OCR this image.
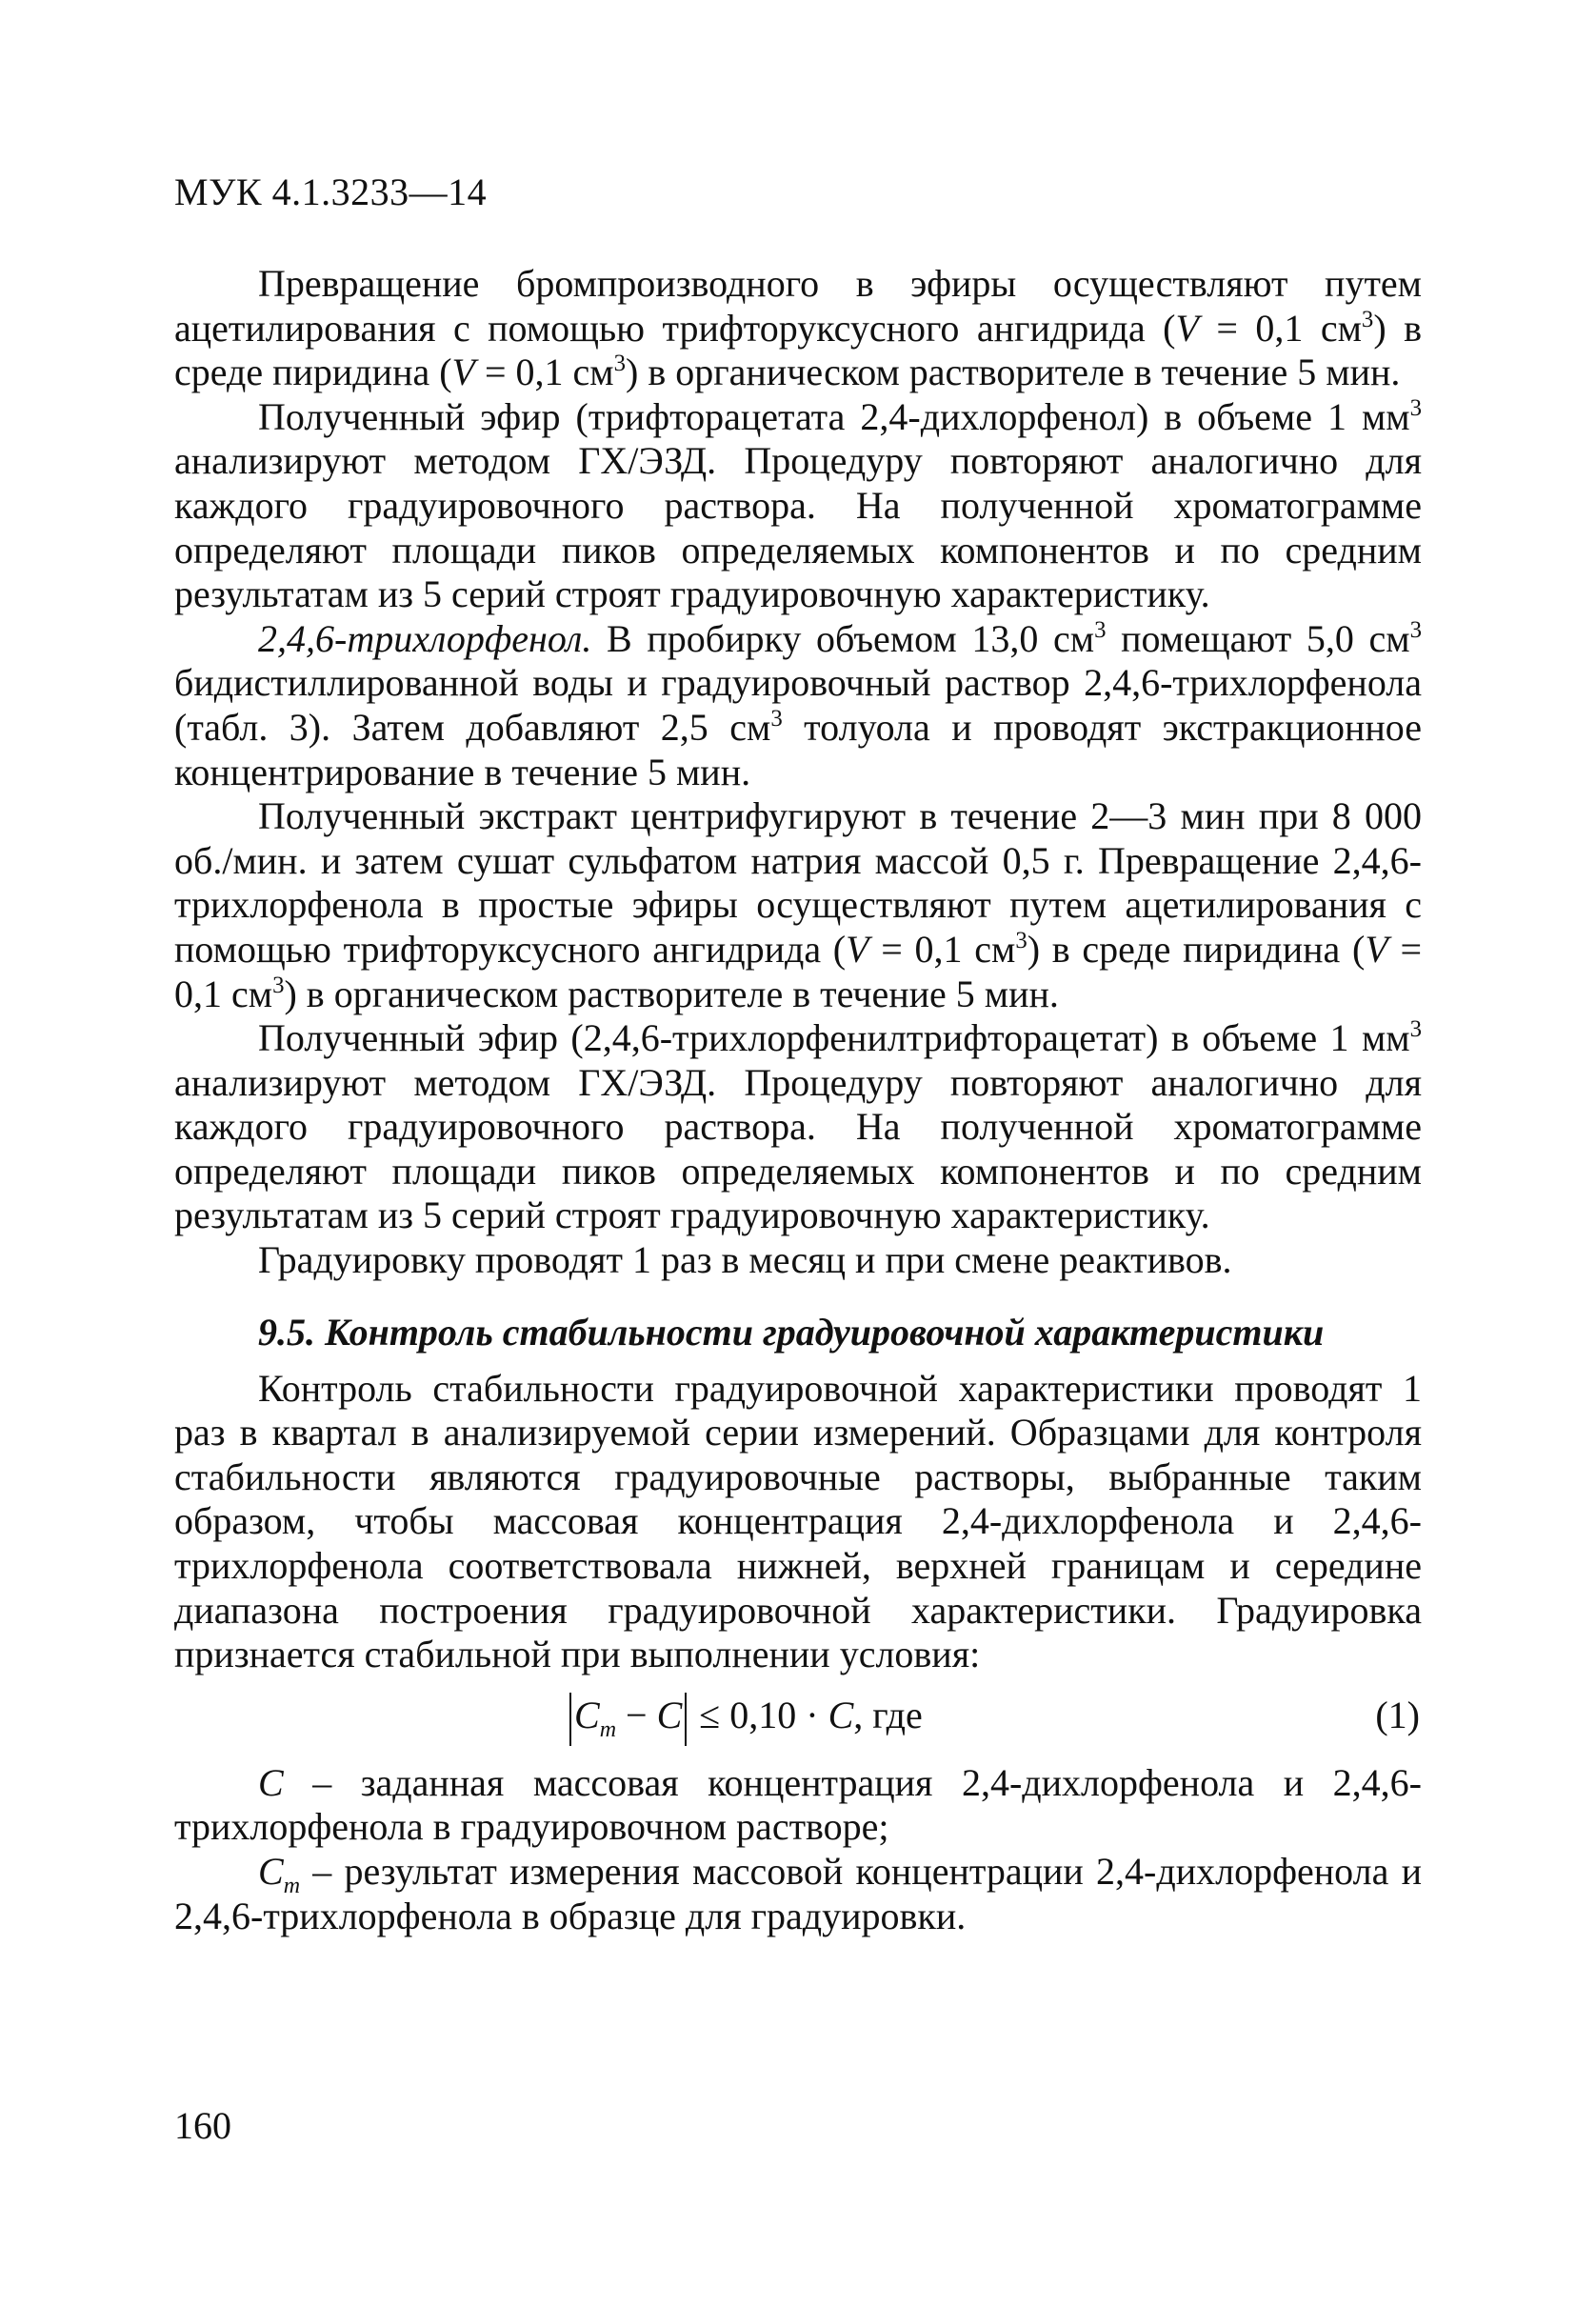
МУК 4.1.3233—14

Превращение бромпроизводного в эфиры осуществляют путем ацетилирования с помощью трифторуксусного ангидрида (V = 0,1 $см^3$) в среде пиридина (V = 0,1 $см^3$) в органическом растворителе в течение 5 мин.

Полученный эфир (трифторацетата 2,4-дихлорфенол) в объеме 1 $мм^3$ анализируют методом ГХ/ЭЗД. Процедуру повторяют аналогично для каждого градуировочного раствора. На полученной хроматограмме определяют площади пиков определяемых компонентов и по средним результатам из 5 серий строят градуировочную характеристику.

2,4,6-трихлорфенол. В пробирку объемом 13,0 $см^3$ помещают 5,0 $см^3$ бидистиллированной воды и градуировочный раствор 2,4,6-трихлорфенола (табл. 3). Затем добавляют 2,5 $см^3$ толуола и проводят экстракционное концентрирование в течение 5 мин.

Полученный экстракт центрифугируют в течение 2—3 мин при 8 000 об./мин. и затем сушат сульфатом натрия массой 0,5 г. Превращение 2,4,6-трихлорфенола в простые эфиры осуществляют путем ацетилирования с помощью трифторуксусного ангидрида (V = 0,1 $см^3$) в среде пиридина (V = 0,1 $см^3$) в органическом растворителе в течение 5 мин.

Полученный эфир (2,4,6-трихлорфенилтрифторацетат) в объеме 1 $мм^3$ анализируют методом ГХ/ЭЗД. Процедуру повторяют аналогично для каждого градуировочного раствора. На полученной хроматограмме определяют площади пиков определяемых компонентов и по средним результатам из 5 серий строят градуировочную характеристику.

Градуировку проводят 1 раз в месяц и при смене реактивов.

9.5. Контроль стабильности градуировочной характеристики

Контроль стабильности градуировочной характеристики проводят 1 раз в квартал в анализируемой серии измерений. Образцами для контроля стабильности являются градуировочные растворы, выбранные таким образом, чтобы массовая концентрация 2,4-дихлорфенола и 2,4,6-трихлорфенола соответствовала нижней, верхней границам и середине диапазона построения градуировочной характеристики. Градуировка признается стабильной при выполнении условия:

$C_m - C \le 0,10 \cdot C$, где	(1)

C – заданная массовая концентрация 2,4-дихлорфенола и 2,4,6-трихлорфенола в градуировочном растворе;

$C_m$ – результат измерения массовой концентрации 2,4-дихлорфенола и 2,4,6-трихлорфенола в образце для градуировки.

160
